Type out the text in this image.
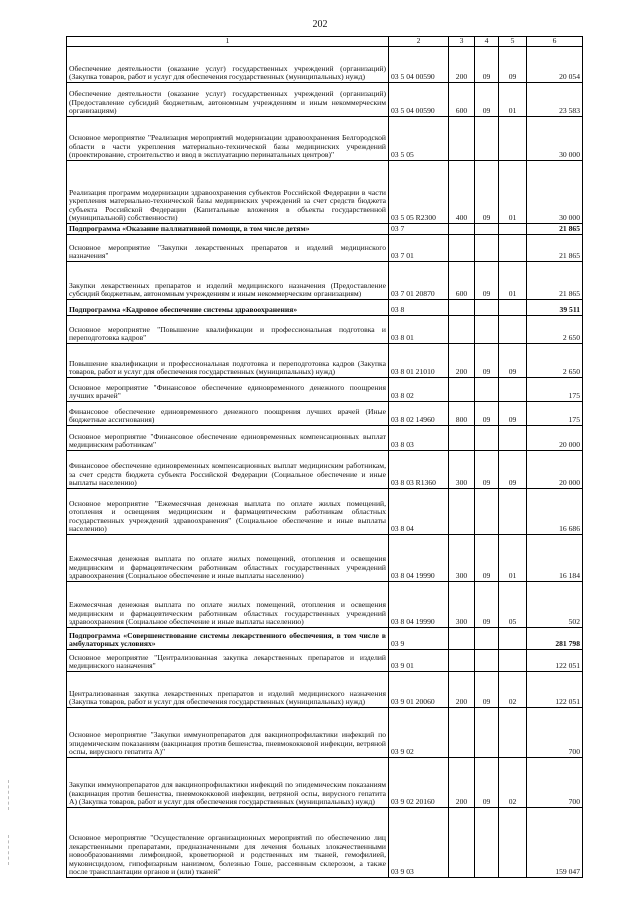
202
1	2	3	4	5	6
Обеспечение деятельности (оказание услуг) государственных учреждений (организаций) (Закупка товаров, работ и услуг для обеспечения государственных (муниципальных) нужд)	03 5 04 00590	200	09	09	20 054
Обеспечение деятельности (оказание услуг) государственных учреждений (организаций) (Предоставление субсидий бюджетным, автономным учреждениям и иным некоммерческим организациям)	03 5 04 00590	600	09	01	23 583
Основное мероприятие "Реализация мероприятий модернизации здравоохранения Белгородской области в части укрепления материально-технической базы медицинских учреждений (проектирование, строительство и ввод в эксплуатацию перинатальных центров)"	03 5 05				30 000
Реализация программ модернизации здравоохранения субъектов Российской Федерации в части укрепления материально-технической базы медицинских учреждений за счет средств бюджета субъекта Российской Федерации (Капитальные вложения в объекты государственной (муниципальной) собственности)	03 5 05 R2300	400	09	01	30 000
Подпрограмма «Оказание паллиативной помощи, в том числе детям»	03 7				21 865
Основное мероприятие "Закупки лекарственных препаратов и изделий медицинского назначения"	03 7 01				21 865
Закупки лекарственных препаратов и изделий медицинского назначения (Предоставление субсидий бюджетным, автономным учреждениям и иным некоммерческим организациям)	03 7 01 20870	600	09	01	21 865
Подпрограмма «Кадровое обеспечение системы здравоохранения»	03 8				39 511
Основное мероприятие "Повышение квалификации и профессиональная подготовка и переподготовка кадров"	03 8 01				2 650
Повышение квалификации и профессиональная подготовка и переподготовка кадров (Закупка товаров, работ и услуг для обеспечения государственных (муниципальных) нужд)	03 8 01 21010	200	09	09	2 650
Основное мероприятие "Финансовое обеспечение единовременного денежного поощрения лучших врачей"	03 8 02				175
Финансовое обеспечение единовременного денежного поощрения лучших врачей (Иные бюджетные ассигнования)	03 8 02 14960	800	09	09	175
Основное мероприятие "Финансовое обеспечение единовременных компенсационных выплат медицинским работникам"	03 8 03				20 000
Финансовое обеспечение единовременных компенсационных выплат медицинским работникам, за счет средств бюджета субъекта Российской Федерации (Социальное обеспечение и иные выплаты населению)	03 8 03 R1360	300	09	09	20 000
Основное мероприятие "Ежемесячная денежная выплата по оплате жилых помещений, отопления и освещения медицинским и фармацевтическим работникам областных государственных учреждений здравоохранения" (Социальное обеспечение и иные выплаты населению)	03 8 04				16 686
Ежемесячная денежная выплата по оплате жилых помещений, отопления и освещения медицинским и фармацевтическим работникам областных государственных учреждений здравоохранения (Социальное обеспечение и иные выплаты населению)	03 8 04 19990	300	09	01	16 184
Ежемесячная денежная выплата по оплате жилых помещений, отопления и освещения медицинским и фармацевтическим работникам областных государственных учреждений здравоохранения (Социальное обеспечение и иные выплаты населению)	03 8 04 19990	300	09	05	502
Подпрограмма «Совершенствование системы лекарственного обеспечения, в том числе в амбулаторных условиях»	03 9				281 798
Основное мероприятие "Централизованная закупка лекарственных препаратов и изделий медицинского назначения"	03 9 01				122 051
Централизованная закупка лекарственных препаратов и изделий медицинского назначения (Закупка товаров, работ и услуг для обеспечения государственных (муниципальных) нужд)	03 9 01 20060	200	09	02	122 051
Основное мероприятие "Закупки иммунопрепаратов для вакцинопрофилактики инфекций по эпидемическим показаниям (вакцинация против бешенства, пневмококковой инфекции, ветряной оспы, вирусного гепатита А)"	03 9 02				700
Закупки иммунопрепаратов для вакцинопрофилактики инфекций по эпидемическим показаниям (вакцинация против бешенства, пневмококковой инфекции, ветряной оспы, вирусного гепатита А) (Закупка товаров, работ и услуг для обеспечения государственных (муниципальных) нужд)	03 9 02 20160	200	09	02	700
Основное мероприятие "Осуществление организационных мероприятий по обеспечению лиц лекарственными препаратами, предназначенными для лечения больных злокачественными новообразованиями лимфоидной, кроветворной и родственных им тканей, гемофилией, муковисцидозом, гипофизарным нанизмом, болезнью Гоше, рассеянным склерозом, а также после трансплантации органов и (или) тканей"	03 9 03				159 047
